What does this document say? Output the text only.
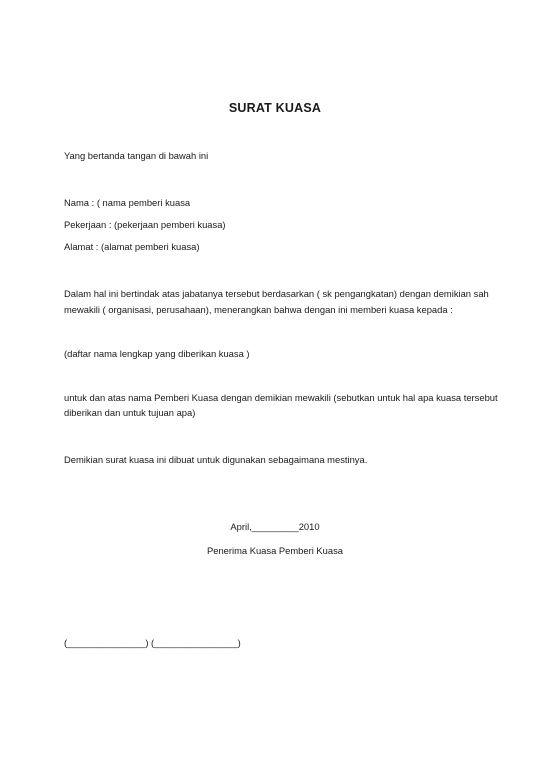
SURAT KUASA
Yang bertanda tangan di bawah ini
Nama : ( nama pemberi kuasa
Pekerjaan : (pekerjaan pemberi kuasa)
Alamat : (alamat pemberi kuasa)
Dalam hal ini bertindak atas jabatanya tersebut berdasarkan ( sk pengangkatan) dengan demikian sah
mewakili ( organisasi, perusahaan), menerangkan bahwa dengan ini memberi kuasa kepada :
(daftar nama lengkap yang diberikan kuasa )
untuk dan atas nama Pemberi Kuasa dengan demikian mewakili (sebutkan untuk hal apa kuasa tersebut
diberikan dan untuk tujuan apa)
Demikian surat kuasa ini dibuat untuk digunakan sebagaimana mestinya.
April,_________2010
Penerima Kuasa Pemberi Kuasa
(_______________) (________________)
